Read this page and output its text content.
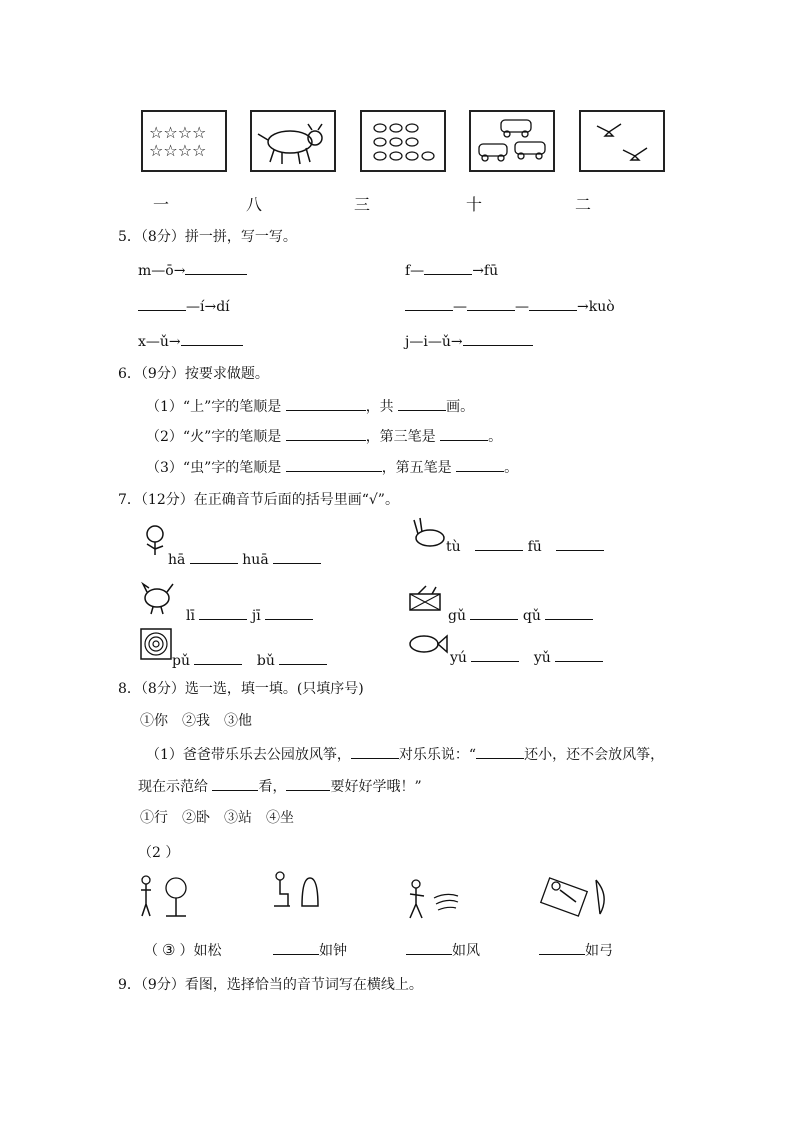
☆☆☆☆
☆☆☆☆
一	八	三	十	二
5．（8分）拼一拼，写一写。
m—ō→	f—	→fū
—í→dí	—	—	→kuò
x—ǔ→	j—i—ǔ→
6．（9分）按要求做题。
（1）“上”字的笔顺是	，共	画。
（2）“火”字的笔顺是	，第三笔是	。
（3）“虫”字的笔顺是	，第五笔是	。
7．（12分）在正确音节后面的括号里画“√”。
hā	huā
tù	fū
lī	jī	gǔ	qǔ
pǔ	bǔ	yú	yǔ
8．（8分）选一选，填一填。(只填序号)
①你　②我　③他
（1）爸爸带乐乐去公园放风筝，	对乐乐说：“	还小，还不会放风筝，
现在示范给	看，	要好好学哦！”
①行　②卧　③站　④坐
（2 ）
（ ③ ）如松	如钟	如风	如弓
9．（9分）看图，选择恰当的音节词写在横线上。
